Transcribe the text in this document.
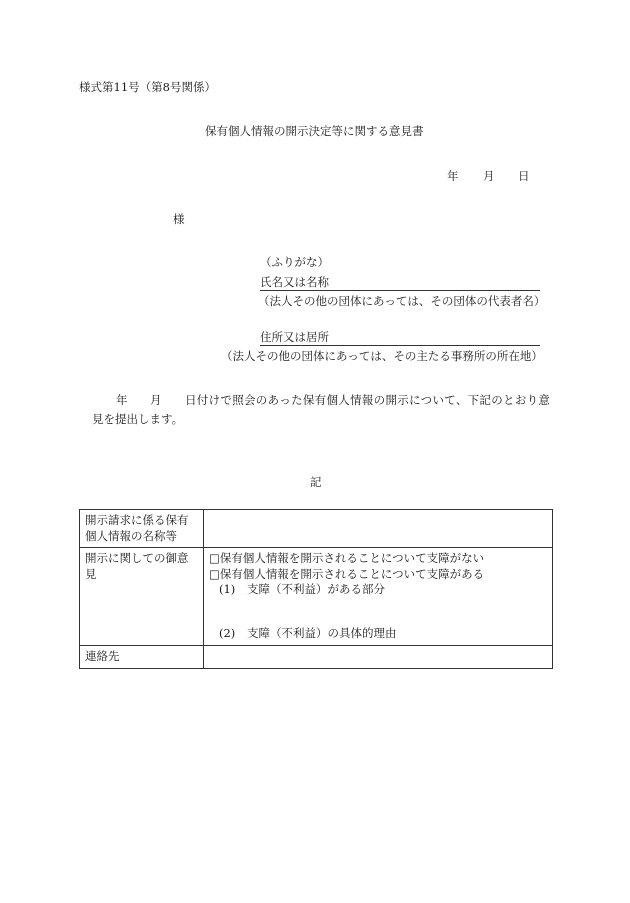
様式第11号（第8号関係）
保有個人情報の開示決定等に関する意見書
年 月 日
様
（ふりがな）
氏名又は名称
（法人その他の団体にあっては、その団体の代表者名）
住所又は居所
（法人その他の団体にあっては、その主たる事務所の所在地）
年 月 日付けで照会のあった保有個人情報の開示について、下記のとおり意
見を提出します。
記
開示請求に係る保有
個人情報の名称等	

開示に関しての御意
見	□保有個人情報を開示されることについて支障がない
□保有個人情報を開示されることについて支障がある
(1) 支障（不利益）がある部分
(2) 支障（不利益）の具体的理由

連絡先	
